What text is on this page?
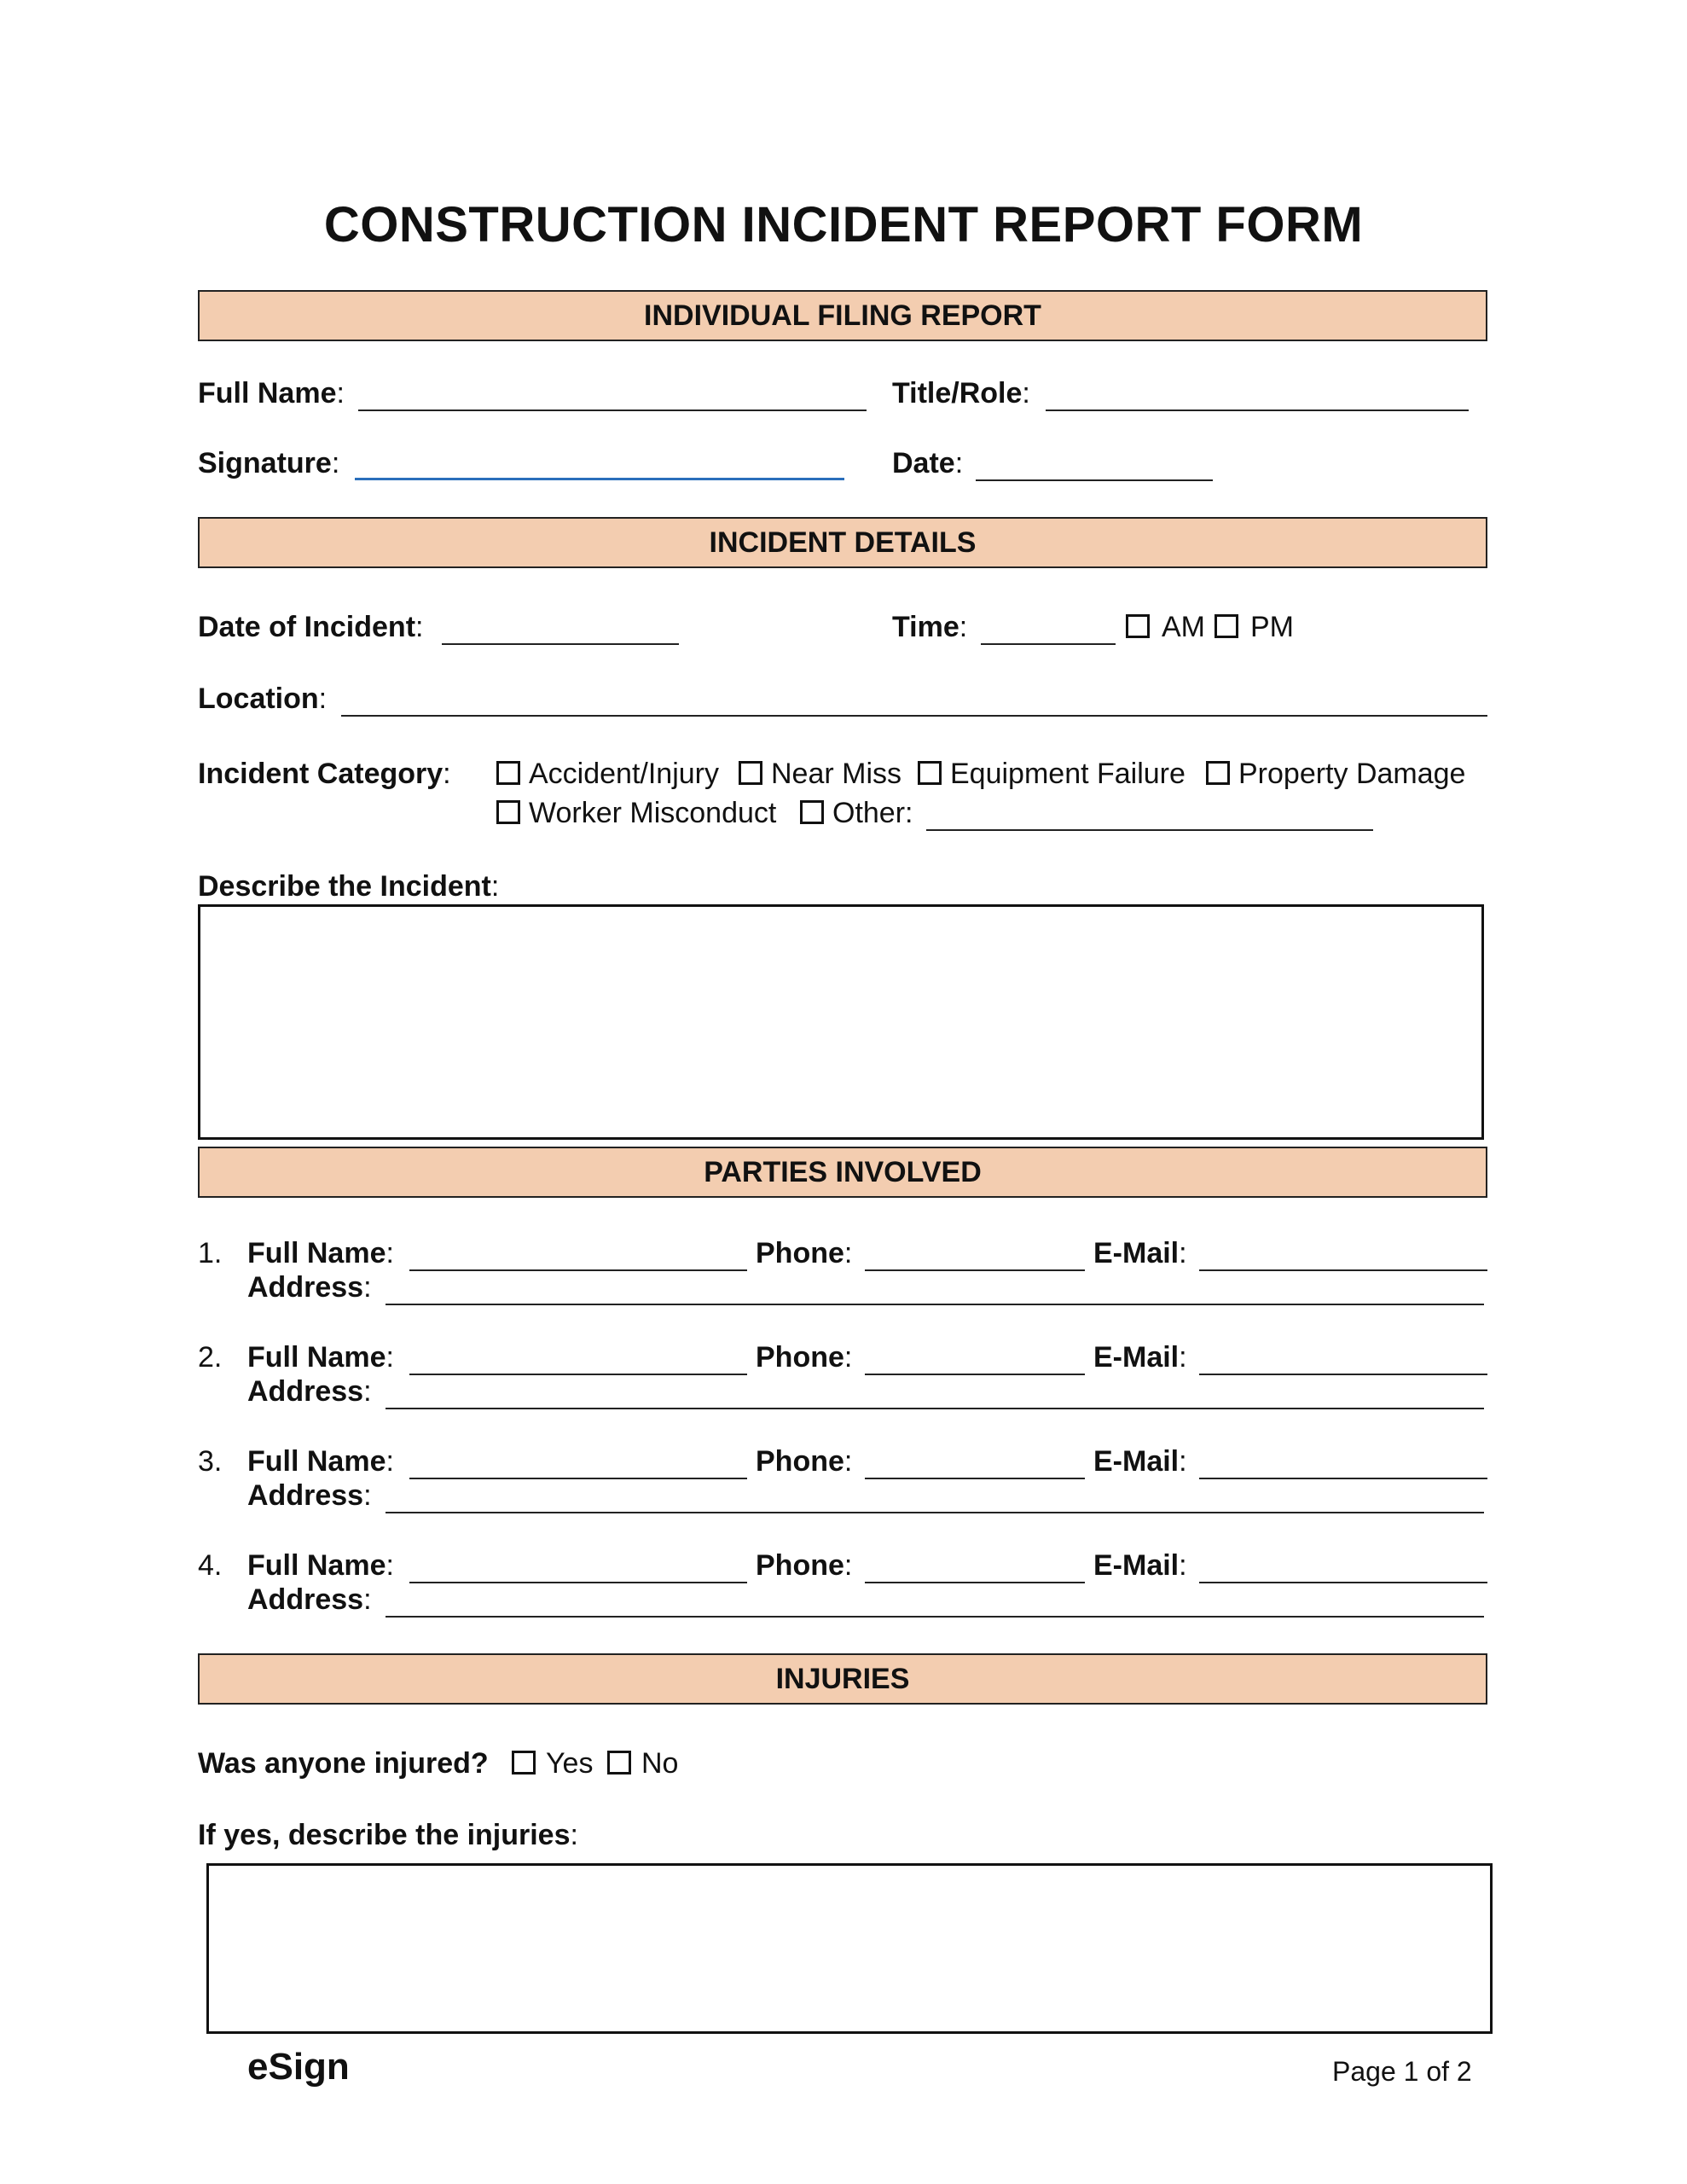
CONSTRUCTION INCIDENT REPORT FORM
INDIVIDUAL FILING REPORT
Full Name:	Title/Role:
Signature:	Date:
INCIDENT DETAILS
Date of Incident:	Time:	AM PM
Location:
Incident Category:	Accident/Injury Near Miss Equipment Failure Property Damage
Worker Misconduct Other:
Describe the Incident:
PARTIES INVOLVED
1. Full Name:	Phone:	E-Mail:
Address:
2. Full Name:	Phone:	E-Mail:
Address:
3. Full Name:	Phone:	E-Mail:
Address:
4. Full Name:	Phone:	E-Mail:
Address:
INJURIES
Was anyone injured? Yes No
If yes, describe the injuries:
eSign	Page 1 of 2
